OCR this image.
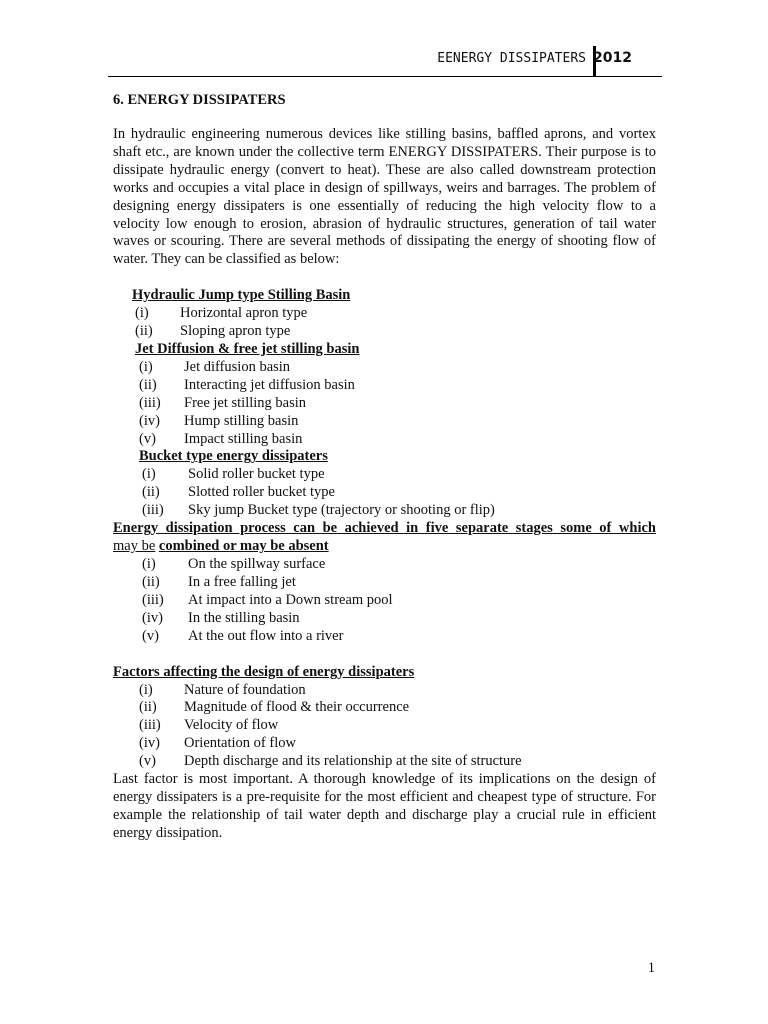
EENERGY DISSIPATERS 2012
6. ENERGY DISSIPATERS

In hydraulic engineering numerous devices like stilling basins, baffled aprons, and vortex shaft etc., are known under the collective term ENERGY DISSIPATERS. Their purpose is to dissipate hydraulic energy (convert to heat). These are also called downstream protection works and occupies a vital place in design of spillways, weirs and barrages. The problem of designing energy dissipaters is one essentially of reducing the high velocity flow to a velocity low enough to erosion, abrasion of hydraulic structures, generation of tail water waves or scouring. There are several methods of dissipating the energy of shooting flow of water. They can be classified as below:

Hydraulic Jump type Stilling Basin
(i) Horizontal apron type
(ii) Sloping apron type
Jet Diffusion & free jet stilling basin
(i) Jet diffusion basin
(ii) Interacting jet diffusion basin
(iii) Free jet stilling basin
(iv) Hump stilling basin
(v) Impact stilling basin
Bucket type energy dissipaters
(i) Solid roller bucket type
(ii) Slotted roller bucket type
(iii) Sky jump Bucket type (trajectory or shooting or flip)
Energy dissipation process can be achieved in five separate stages some of which
may be combined or may be absent
(i) On the spillway surface
(ii) In a free falling jet
(iii) At impact into a Down stream pool
(iv) In the stilling basin
(v) At the out flow into a river
Factors affecting the design of energy dissipaters
(i) Nature of foundation
(ii) Magnitude of flood & their occurrence
(iii) Velocity of flow
(iv) Orientation of flow
(v) Depth discharge and its relationship at the site of structure

Last factor is most important. A thorough knowledge of its implications on the design of energy dissipaters is a pre-requisite for the most efficient and cheapest type of structure. For example the relationship of tail water depth and discharge play a crucial rule in efficient energy dissipation.

1
